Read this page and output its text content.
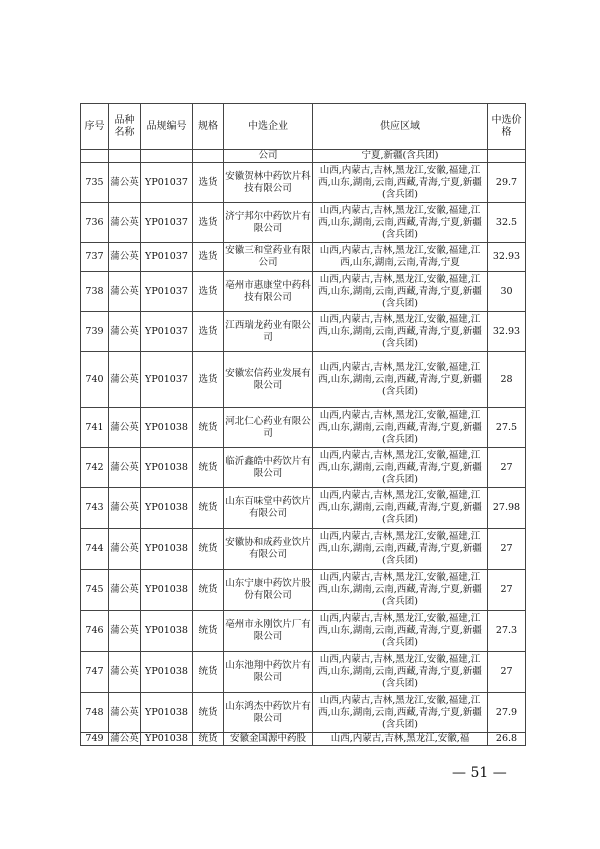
序号	品种名称	品规编号	规格	中选企业	供应区域	中选价格
				公司	宁夏,新疆(含兵团)	
735	蒲公英	YP01037	选货	安徽贺林中药饮片科技有限公司	山西,内蒙古,吉林,黑龙江,安徽,福建,江西,山东,湖南,云南,西藏,青海,宁夏,新疆(含兵团)	29.7
736	蒲公英	YP01037	选货	济宁邦尔中药饮片有限公司	山西,内蒙古,吉林,黑龙江,安徽,福建,江西,山东,湖南,云南,西藏,青海,宁夏,新疆(含兵团)	32.5
737	蒲公英	YP01037	选货	安徽三和堂药业有限公司	山西,内蒙古,吉林,黑龙江,安徽,福建,江西,山东,湖南,云南,青海,宁夏	32.93
738	蒲公英	YP01037	选货	亳州市惠康堂中药科技有限公司	山西,内蒙古,吉林,黑龙江,安徽,福建,江西,山东,湖南,云南,西藏,青海,宁夏,新疆(含兵团)	30
739	蒲公英	YP01037	选货	江西瑞龙药业有限公司	山西,内蒙古,吉林,黑龙江,安徽,福建,江西,山东,湖南,云南,西藏,青海,宁夏,新疆(含兵团)	32.93
740	蒲公英	YP01037	选货	安徽宏信药业发展有限公司	山西,内蒙古,吉林,黑龙江,安徽,福建,江西,山东,湖南,云南,西藏,青海,宁夏,新疆(含兵团)	28
741	蒲公英	YP01038	统货	河北仁心药业有限公司	山西,内蒙古,吉林,黑龙江,安徽,福建,江西,山东,湖南,云南,西藏,青海,宁夏,新疆(含兵团)	27.5
742	蒲公英	YP01038	统货	临沂鑫皓中药饮片有限公司	山西,内蒙古,吉林,黑龙江,安徽,福建,江西,山东,湖南,云南,西藏,青海,宁夏,新疆(含兵团)	27
743	蒲公英	YP01038	统货	山东百味堂中药饮片有限公司	山西,内蒙古,吉林,黑龙江,安徽,福建,江西,山东,湖南,云南,西藏,青海,宁夏,新疆(含兵团)	27.98
744	蒲公英	YP01038	统货	安徽协和成药业饮片有限公司	山西,内蒙古,吉林,黑龙江,安徽,福建,江西,山东,湖南,云南,西藏,青海,宁夏,新疆(含兵团)	27
745	蒲公英	YP01038	统货	山东宁康中药饮片股份有限公司	山西,内蒙古,吉林,黑龙江,安徽,福建,江西,山东,湖南,云南,西藏,青海,宁夏,新疆(含兵团)	27
746	蒲公英	YP01038	统货	亳州市永刚饮片厂有限公司	山西,内蒙古,吉林,黑龙江,安徽,福建,江西,山东,湖南,云南,西藏,青海,宁夏,新疆(含兵团)	27.3
747	蒲公英	YP01038	统货	山东池翔中药饮片有限公司	山西,内蒙古,吉林,黑龙江,安徽,福建,江西,山东,湖南,云南,西藏,青海,宁夏,新疆(含兵团)	27
748	蒲公英	YP01038	统货	山东鸿杰中药饮片有限公司	山西,内蒙古,吉林,黑龙江,安徽,福建,江西,山东,湖南,云南,西藏,青海,宁夏,新疆(含兵团)	27.9
749	蒲公英	YP01038	统货	安徽金国源中药股	山西,内蒙古,吉林,黑龙江,安徽,福	26.8
— 51 —
